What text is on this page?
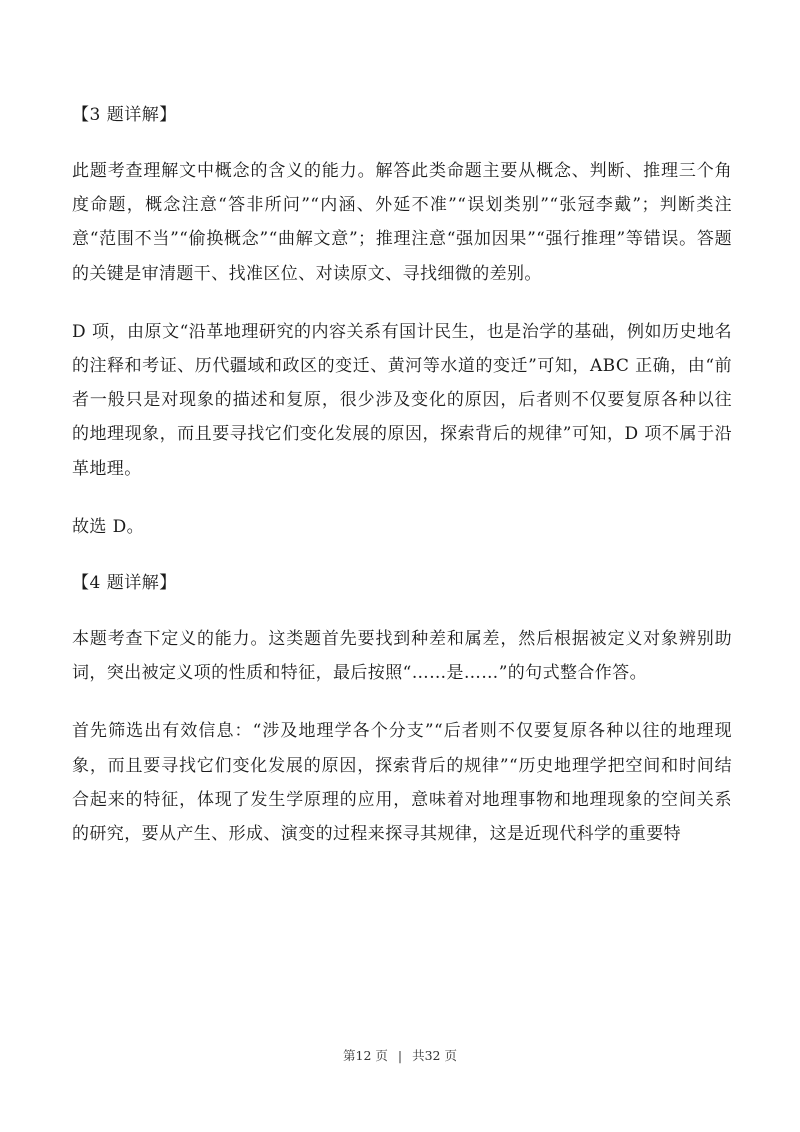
【3 题详解】

此题考查理解文中概念的含义的能力。解答此类命题主要从概念、判断、推理三个角度命题，概念注意“答非所问”“内涵、外延不准”“误划类别”“张冠李戴”；判断类注意“范围不当”“偷换概念”“曲解文意”；推理注意“强加因果”“强行推理”等错误。答题的关键是审清题干、找准区位、对读原文、寻找细微的差别。

D 项，由原文“沿革地理研究的内容关系有国计民生，也是治学的基础，例如历史地名的注释和考证、历代疆域和政区的变迁、黄河等水道的变迁”可知，ABC 正确，由“前者一般只是对现象的描述和复原，很少涉及变化的原因，后者则不仅要复原各种以往的地理现象，而且要寻找它们变化发展的原因，探索背后的规律”可知，D 项不属于沿革地理。

故选 D。

【4 题详解】

本题考查下定义的能力。这类题首先要找到种差和属差，然后根据被定义对象辨别助词，突出被定义项的性质和特征，最后按照“……是……”的句式整合作答。

首先筛选出有效信息：“涉及地理学各个分支”“后者则不仅要复原各种以往的地理现象，而且要寻找它们变化发展的原因，探索背后的规律”“历史地理学把空间和时间结合起来的特征，体现了发生学原理的应用，意味着对地理事物和地理现象的空间关系的研究，要从产生、形成、演变的过程来探寻其规律，这是近现代科学的重要特

第12 页 | 共32 页
